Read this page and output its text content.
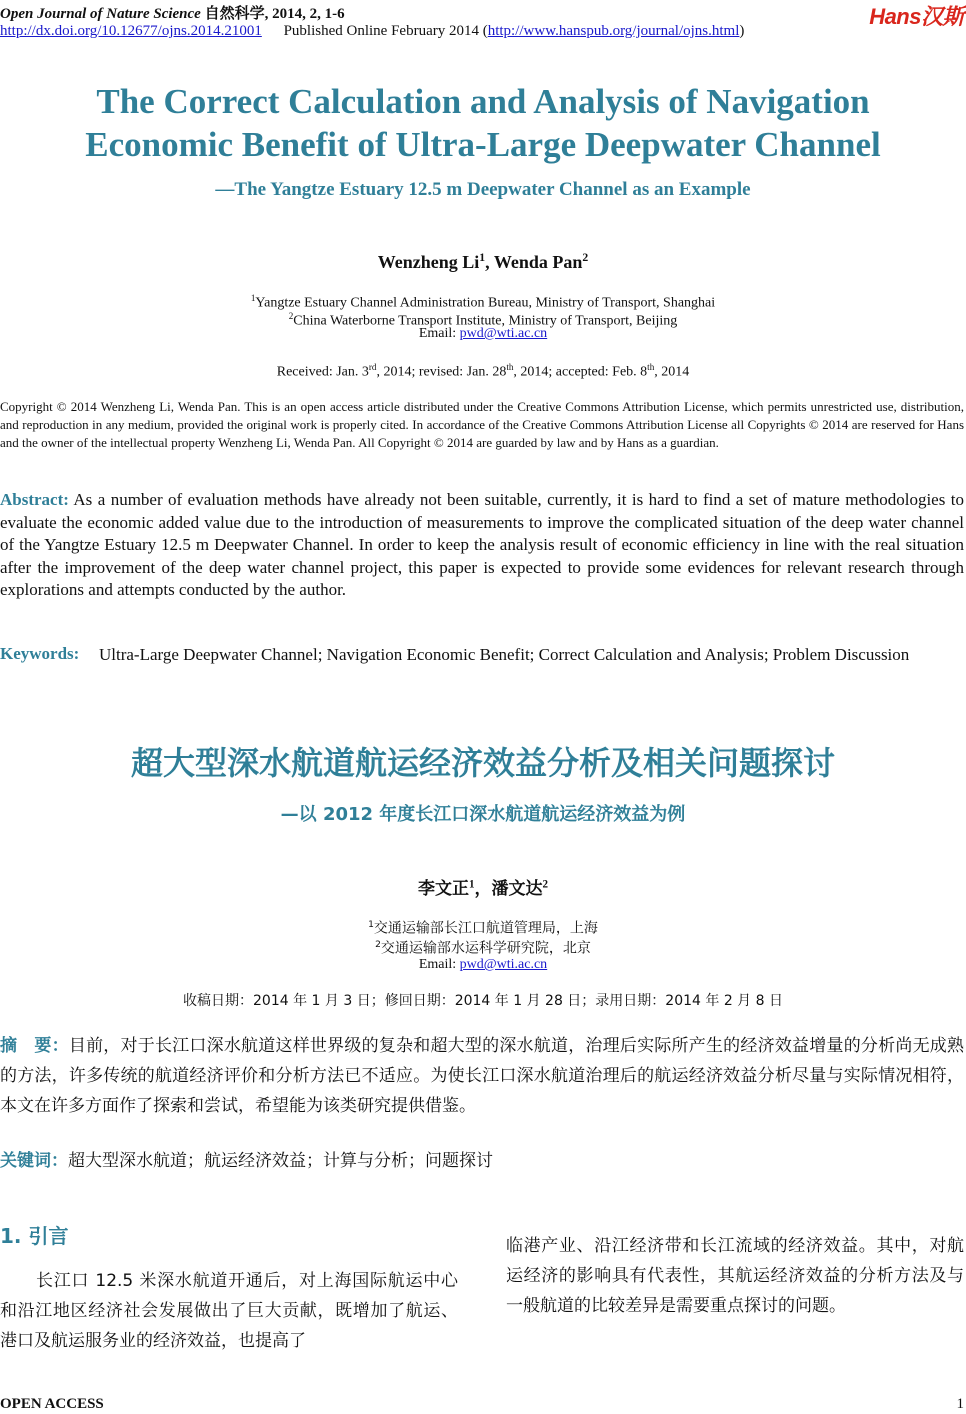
Open Journal of Nature Science 自然科学, 2014, 2, 1-6	Hans汉斯
http://dx.doi.org/10.12677/ojns.2014.21001 Published Online February 2014 (http://www.hanspub.org/journal/ojns.html)
The Correct Calculation and Analysis of Navigation Economic Benefit of Ultra-Large Deepwater Channel
—The Yangtze Estuary 12.5 m Deepwater Channel as an Example
Wenzheng Li$^1$, Wenda Pan$^2$
$^1$Yangtze Estuary Channel Administration Bureau, Ministry of Transport, Shanghai
$^2$China Waterborne Transport Institute, Ministry of Transport, Beijing
Email: pwd@wti.ac.cn
Received: Jan. 3rd, 2014; revised: Jan. 28th, 2014; accepted: Feb. 8th, 2014
Copyright © 2014 Wenzheng Li, Wenda Pan. This is an open access article distributed under the Creative Commons Attribution License, which permits unrestricted use, distribution, and reproduction in any medium, provided the original work is properly cited. In accordance of the Creative Commons Attribution License all Copyrights © 2014 are reserved for Hans and the owner of the intellectual property Wenzheng Li, Wenda Pan. All Copyright © 2014 are guarded by law and by Hans as a guardian.
Abstract: As a number of evaluation methods have already not been suitable, currently, it is hard to find a set of mature methodologies to evaluate the economic added value due to the introduction of measurements to improve the complicated situation of the deep water channel of the Yangtze Estuary 12.5 m Deepwater Channel. In order to keep the analysis result of economic efficiency in line with the real situation after the improvement of the deep water channel project, this paper is expected to provide some evidences for relevant research through explorations and attempts conducted by the author.
Keywords: Ultra-Large Deepwater Channel; Navigation Economic Benefit; Correct Calculation and Analysis; Problem Discussion
超大型深水航道航运经济效益分析及相关问题探讨
—以 2012 年度长江口深水航道航运经济效益为例
李文正$^1$，潘文达$^2$
$^1$交通运输部长江口航道管理局，上海
$^2$交通运输部水运科学研究院，北京
Email: pwd@wti.ac.cn
收稿日期：2014 年 1 月 3 日；修回日期：2014 年 1 月 28 日；录用日期：2014 年 2 月 8 日
摘　要：目前，对于长江口深水航道这样世界级的复杂和超大型的深水航道，治理后实际所产生的经济效益增量的分析尚无成熟的方法，许多传统的航道经济评价和分析方法已不适应。为使长江口深水航道治理后的航运经济效益分析尽量与实际情况相符，本文在许多方面作了探索和尝试，希望能为该类研究提供借鉴。
关键词：超大型深水航道；航运经济效益；计算与分析；问题探讨
1. 引言
长江口 12.5 米深水航道开通后，对上海国际航运中心和沿江地区经济社会发展做出了巨大贡献，既增加了航运、港口及航运服务业的经济效益，也提高了
临港产业、沿江经济带和长江流域的经济效益。其中，对航运经济的影响具有代表性，其航运经济效益的分析方法及与一般航道的比较差异是需要重点探讨的问题。
OPEN ACCESS	1
